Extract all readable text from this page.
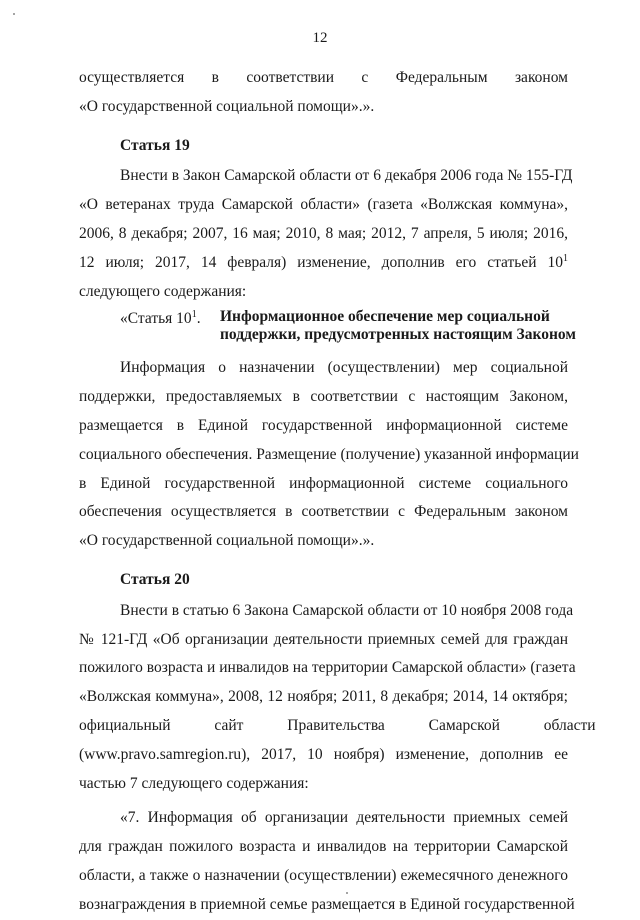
12
осуществляется в соответствии с Федеральным законом
«О государственной социальной помощи».».
Статья 19
Внести в Закон Самарской области от 6 декабря 2006 года № 155-ГД
«О ветеранах труда Самарской области» (газета «Волжская коммуна»,
2006, 8 декабря; 2007, 16 мая; 2010, 8 мая; 2012, 7 апреля, 5 июля; 2016,
12 июля; 2017, 14 февраля) изменение, дополнив его статьей $10^1$
следующего содержания:
«Статья $10^1$. Информационное обеспечение мер социальной
поддержки, предусмотренных настоящим Законом
Информация о назначении (осуществлении) мер социальной
поддержки, предоставляемых в соответствии с настоящим Законом,
размещается в Единой государственной информационной системе
социального обеспечения. Размещение (получение) указанной информации
в Единой государственной информационной системе социального
обеспечения осуществляется в соответствии с Федеральным законом
«О государственной социальной помощи».».
Статья 20
Внести в статью 6 Закона Самарской области от 10 ноября 2008 года
№ 121-ГД «Об организации деятельности приемных семей для граждан
пожилого возраста и инвалидов на территории Самарской области» (газета
«Волжская коммуна», 2008, 12 ноября; 2011, 8 декабря; 2014, 14 октября;
официальный сайт Правительства Самарской области
(www.pravo.samregion.ru), 2017, 10 ноября) изменение, дополнив ее
частью 7 следующего содержания:
«7. Информация об организации деятельности приемных семей
для граждан пожилого возраста и инвалидов на территории Самарской
области, а также о назначении (осуществлении) ежемесячного денежного
вознаграждения в приемной семье размещается в Единой государственной
